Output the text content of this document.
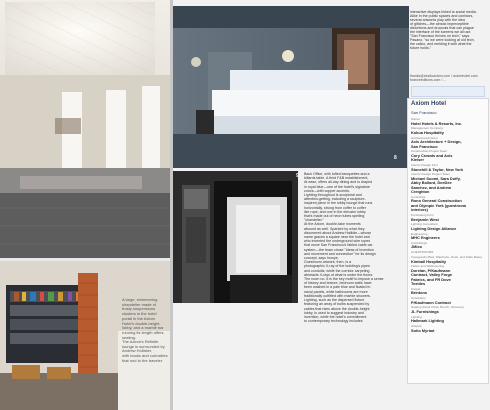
A large, shimmering
chandelier made of
frosty suspensions
clusters in the hotel
portal in the Axiom
Hotel's double-height
lobby, and a marble bar
running its length offers
seating.
The Axiom's Refinite
lounge is surrounded by
Andrew Hollister,
with books and curiosities
that nod to the traveler.
Back Office, with tufted banquettes and a
billards table. A third F&B establishment,
At ease, offers all-day dining and is draped
in royal blue—one of the hotel's signature
colors—with copper accents.
Lighting throughout is sculptural and
attention-getting, including a sculpture-
inspired piece in the lobby lounge that runs
horizontally, strung from coffer to coffer
like rope, and one in the elevator lobby
that's made out of neon tubes spelling
"chandelier."
At the Axiom, double-take moments
abound as well. Sparked by what they
discovered about Andrew Hallidie—whose
name graces a square near the hotel and
who invented the underground wire ropes
that move San Francisco's fabled cable car
system—the team chose "ideas of invention
and movement and connection" for its design
concept, says Inouye.
Guestroom artwork, then, is a
photographic X-ray of the building's pipes
and conduits, while the corridor carpeting
abstracts X-rays of what is under the floors.
The room no. 6 is the key motif to impose a sense
of history and texture, bedroom walls have
been washed in a pale blue and floated in
naval panels, while bathrooms are more
traditionally outfitted with marble showers.
Lighting, such as the dispersed fixture
featuring an array of bulbs suspended by
cables that rises above the double-height
lobby, is used to suggest industry and
invention, while the hotel's commitment
to contemporary technology includes
interactive displays linked to social media.
Alike in the public spaces and corridors,
several artworks play with the idea
of glitches—the almost imperceptible
distortions and dropouts that can plague
the interface of the screens we all use.
"San Francisco thrives on tech," says
Pasano, "so we were looking at old tech,
the calico, and melding it with what the
future holds."
thanks@studioaction.com / axiomhotel.com
branceeditions.com / ...
9
8
Axiom Hotel
San Francisco
Owner
Hotel Hotels & Resorts, Inc.
Management Company
Kokua Hospitality
Architecture/Interior
Axis Architecture + Design,
San Francisco
Construction Project Team
Cory Crowds and Axis
Kleiser
Interior Design Firm
Stonehill & Taylor, New York
Interior Design Project Team
Michael Suomi, Sara Duffy,
Abby Bollard, DeeDee
Sanchez, and Andrew
Creighton
Contractor
Rono General Construction
and Olympic York (guestroom
interiors)
Purchasing Firm
Benjamin West
Lighting Consultant
Lighting Design Alliance
Engineering
MHC Engineers
Furnishings
JMico
GUESTROOMS
Casegoods (Bed, Wardrobe, Desk, and Table Base)
Kimball Hospitality
Fabric and Wallcovering
Dorelan, P/Kaufmann
Contract, Valley Forge
Fabrics, and FR Dove
Textiles
Carpet
Brintons
Upholstery
P/Kaufmann Contract
Seating (Desk Chair, Bench, Ottoman)
JL Furnishings
Lighting
Hallmark Lighting
Artwork
Soho Myriad
